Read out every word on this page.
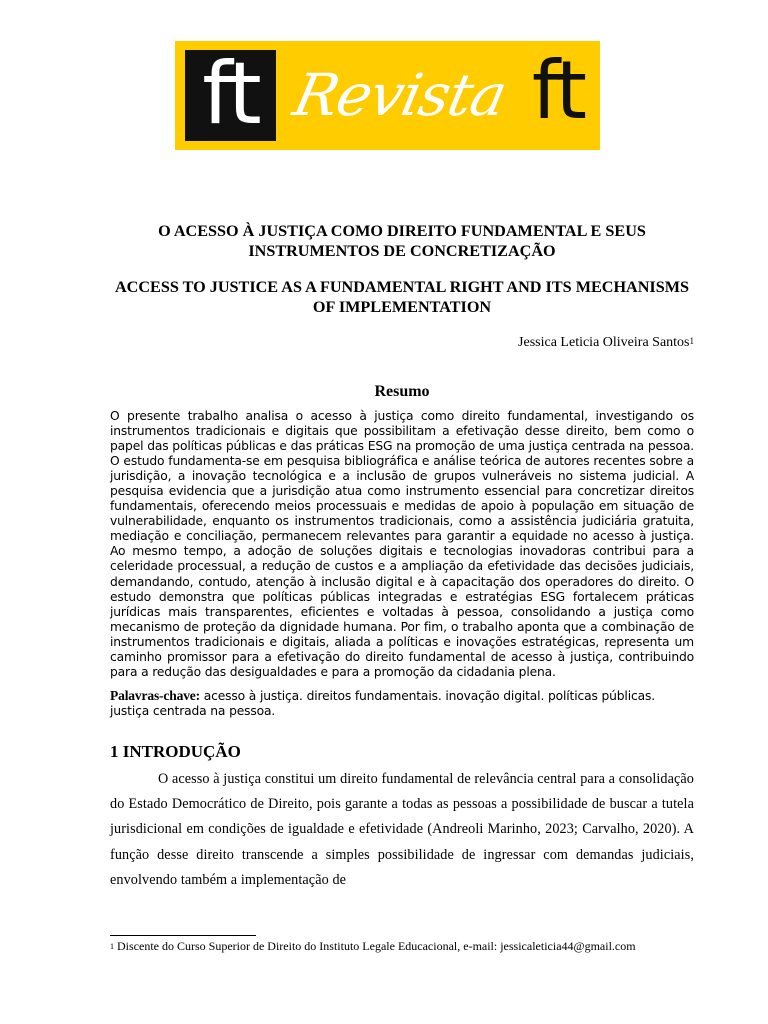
ft Revista ft
O ACESSO À JUSTIÇA COMO DIREITO FUNDAMENTAL E SEUS INSTRUMENTOS DE CONCRETIZAÇÃO
ACCESS TO JUSTICE AS A FUNDAMENTAL RIGHT AND ITS MECHANISMS OF IMPLEMENTATION
Jessica Leticia Oliveira Santos$^1$
Resumo

O presente trabalho analisa o acesso à justiça como direito fundamental, investigando os instrumentos tradicionais e digitais que possibilitam a efetivação desse direito, bem como o papel das políticas públicas e das práticas ESG na promoção de uma justiça centrada na pessoa. O estudo fundamenta-se em pesquisa bibliográfica e análise teórica de autores recentes sobre a jurisdição, a inovação tecnológica e a inclusão de grupos vulneráveis no sistema judicial. A pesquisa evidencia que a jurisdição atua como instrumento essencial para concretizar direitos fundamentais, oferecendo meios processuais e medidas de apoio à população em situação de vulnerabilidade, enquanto os instrumentos tradicionais, como a assistência judiciária gratuita, mediação e conciliação, permanecem relevantes para garantir a equidade no acesso à justiça. Ao mesmo tempo, a adoção de soluções digitais e tecnologias inovadoras contribui para a celeridade processual, a redução de custos e a ampliação da efetividade das decisões judiciais, demandando, contudo, atenção à inclusão digital e à capacitação dos operadores do direito. O estudo demonstra que políticas públicas integradas e estratégias ESG fortalecem práticas jurídicas mais transparentes, eficientes e voltadas à pessoa, consolidando a justiça como mecanismo de proteção da dignidade humana. Por fim, o trabalho aponta que a combinação de instrumentos tradicionais e digitais, aliada a políticas e inovações estratégicas, representa um caminho promissor para a efetivação do direito fundamental de acesso à justiça, contribuindo para a redução das desigualdades e para a promoção da cidadania plena.

Palavras-chave: acesso à justiça. direitos fundamentais. inovação digital. políticas públicas. justiça centrada na pessoa.
1 INTRODUÇÃO

O acesso à justiça constitui um direito fundamental de relevância central para a consolidação do Estado Democrático de Direito, pois garante a todas as pessoas a possibilidade de buscar a tutela jurisdicional em condições de igualdade e efetividade (Andreoli Marinho, 2023; Carvalho, 2020). A função desse direito transcende a simples possibilidade de ingressar com demandas judiciais, envolvendo também a implementação de

$^1$ Discente do Curso Superior de Direito do Instituto Legale Educacional, e-mail: jessicaleticia44@gmail.com
